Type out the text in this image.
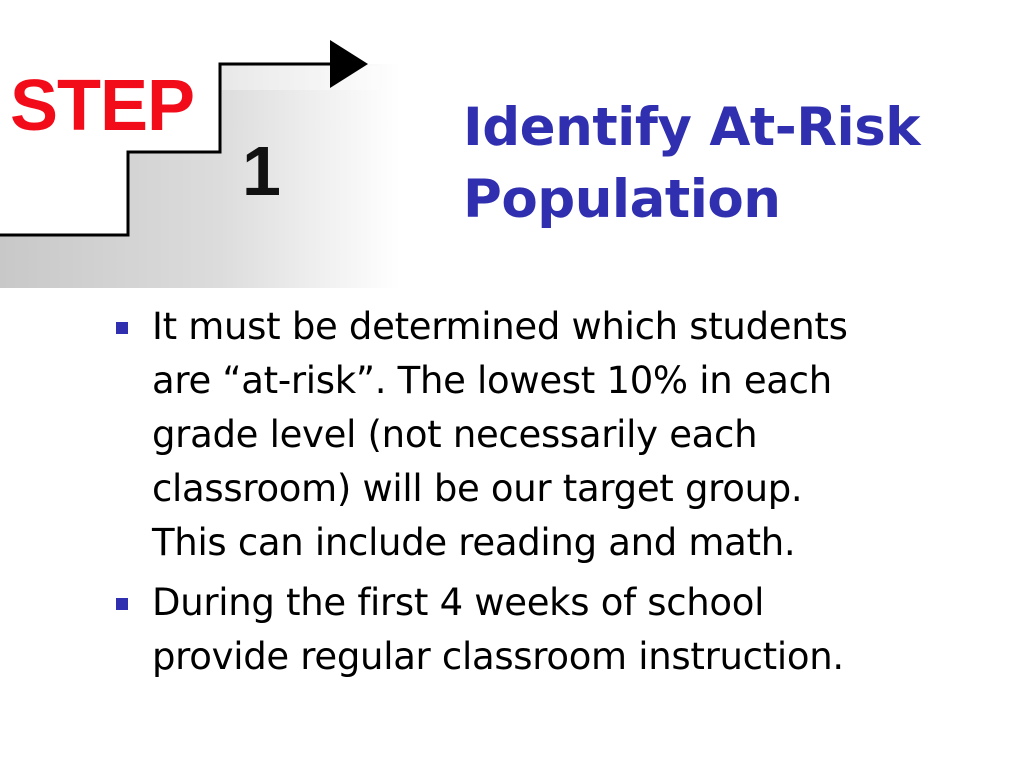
STEP
1
Identify At-Risk
Population
It must be determined which students
are “at-risk”. The lowest 10% in each
grade level (not necessarily each
classroom) will be our target group.
This can include reading and math.
During the first 4 weeks of school
provide regular classroom instruction.
